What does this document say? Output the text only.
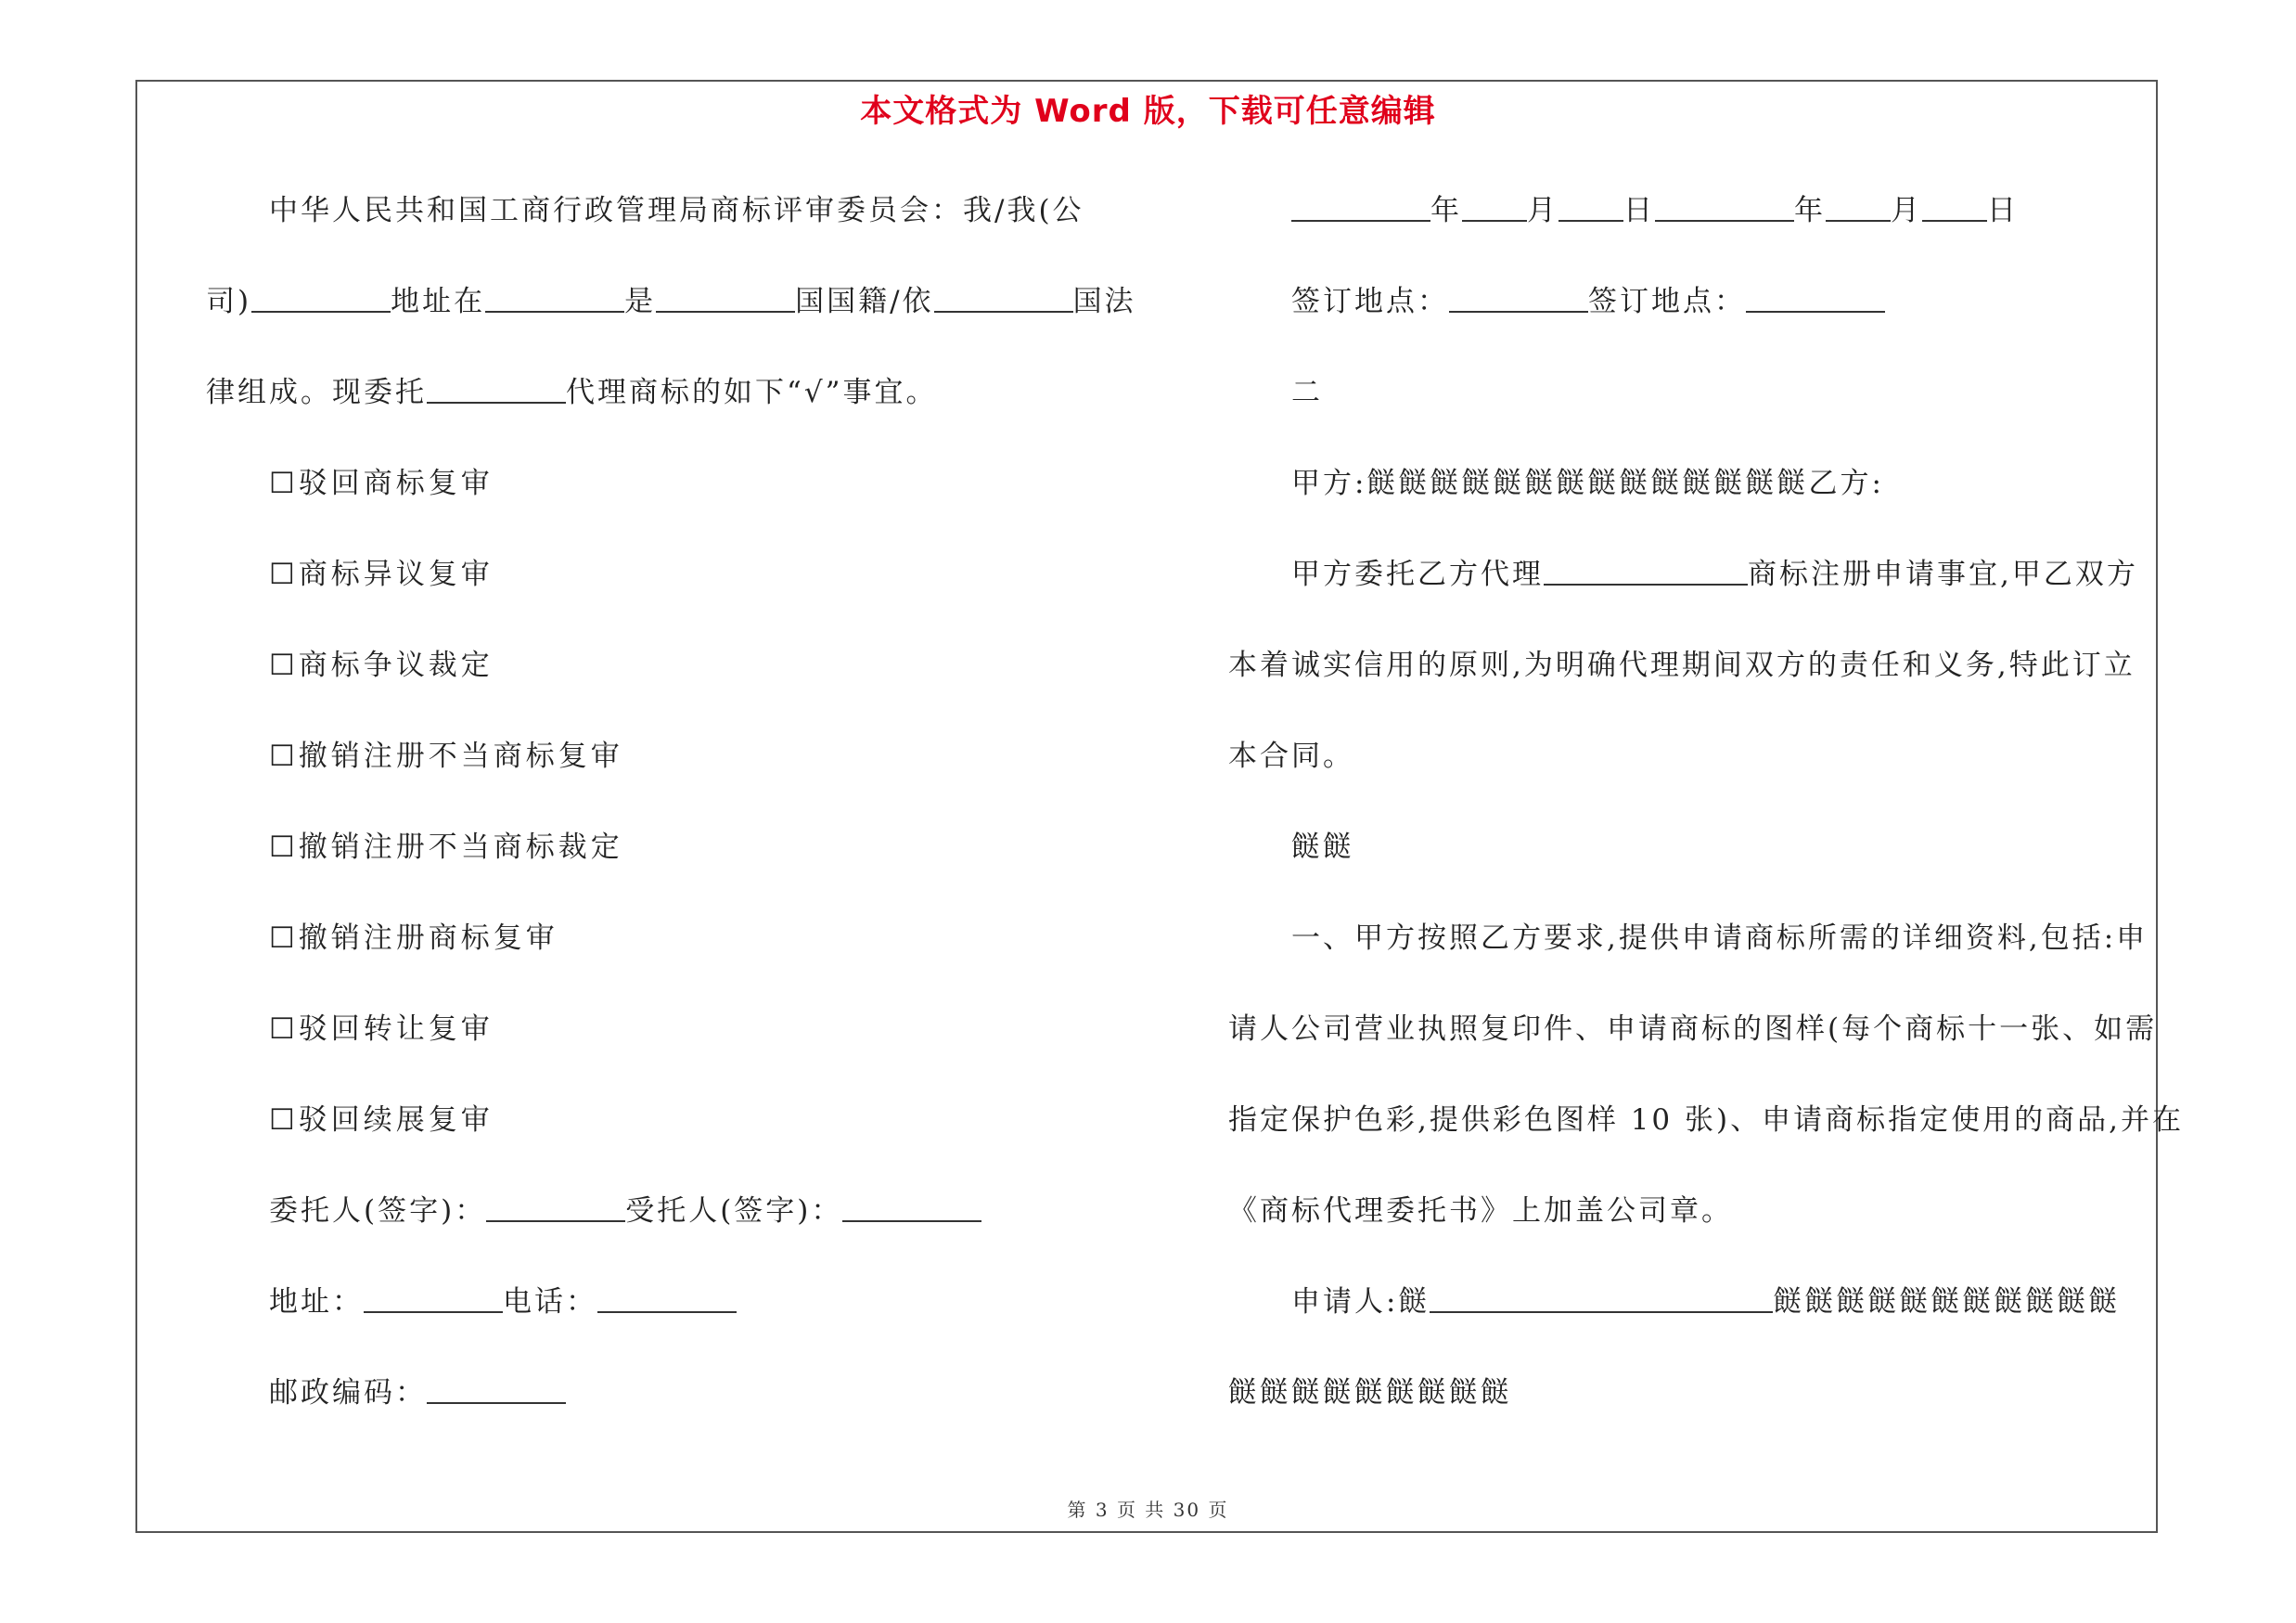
本文格式为 Word 版，下载可任意编辑
中华人民共和国工商行政管理局商标评审委员会：我/我(公
司)	地址在	是	国国籍/依	国法
律组成。现委托	代理商标的如下“√”事宜。
☐驳回商标复审
☐商标异议复审
☐商标争议裁定
☐撤销注册不当商标复审
☐撤销注册不当商标裁定
☐撤销注册商标复审
☐驳回转让复审
☐驳回续展复审
委托人(签字)：	受托人(签字)：
地址：	电话：
邮政编码：
年 月 日	年 月 日
签订地点：	签订地点：
二
甲方:餸餸餸餸餸餸餸餸餸餸餸餸餸餸乙方:
甲方委托乙方代理	商标注册申请事宜,甲乙双方
本着诚实信用的原则,为明确代理期间双方的责任和义务,特此订立
本合同。
餸餸
一、甲方按照乙方要求,提供申请商标所需的详细资料,包括:申
请人公司营业执照复印件、申请商标的图样(每个商标十一张、如需
指定保护色彩,提供彩色图样 10 张)、申请商标指定使用的商品,并在
《商标代理委托书》上加盖公司章。
申请人:餸	餸餸餸餸餸餸餸餸餸餸餸
餸餸餸餸餸餸餸餸餸
第 3 页 共 30 页
